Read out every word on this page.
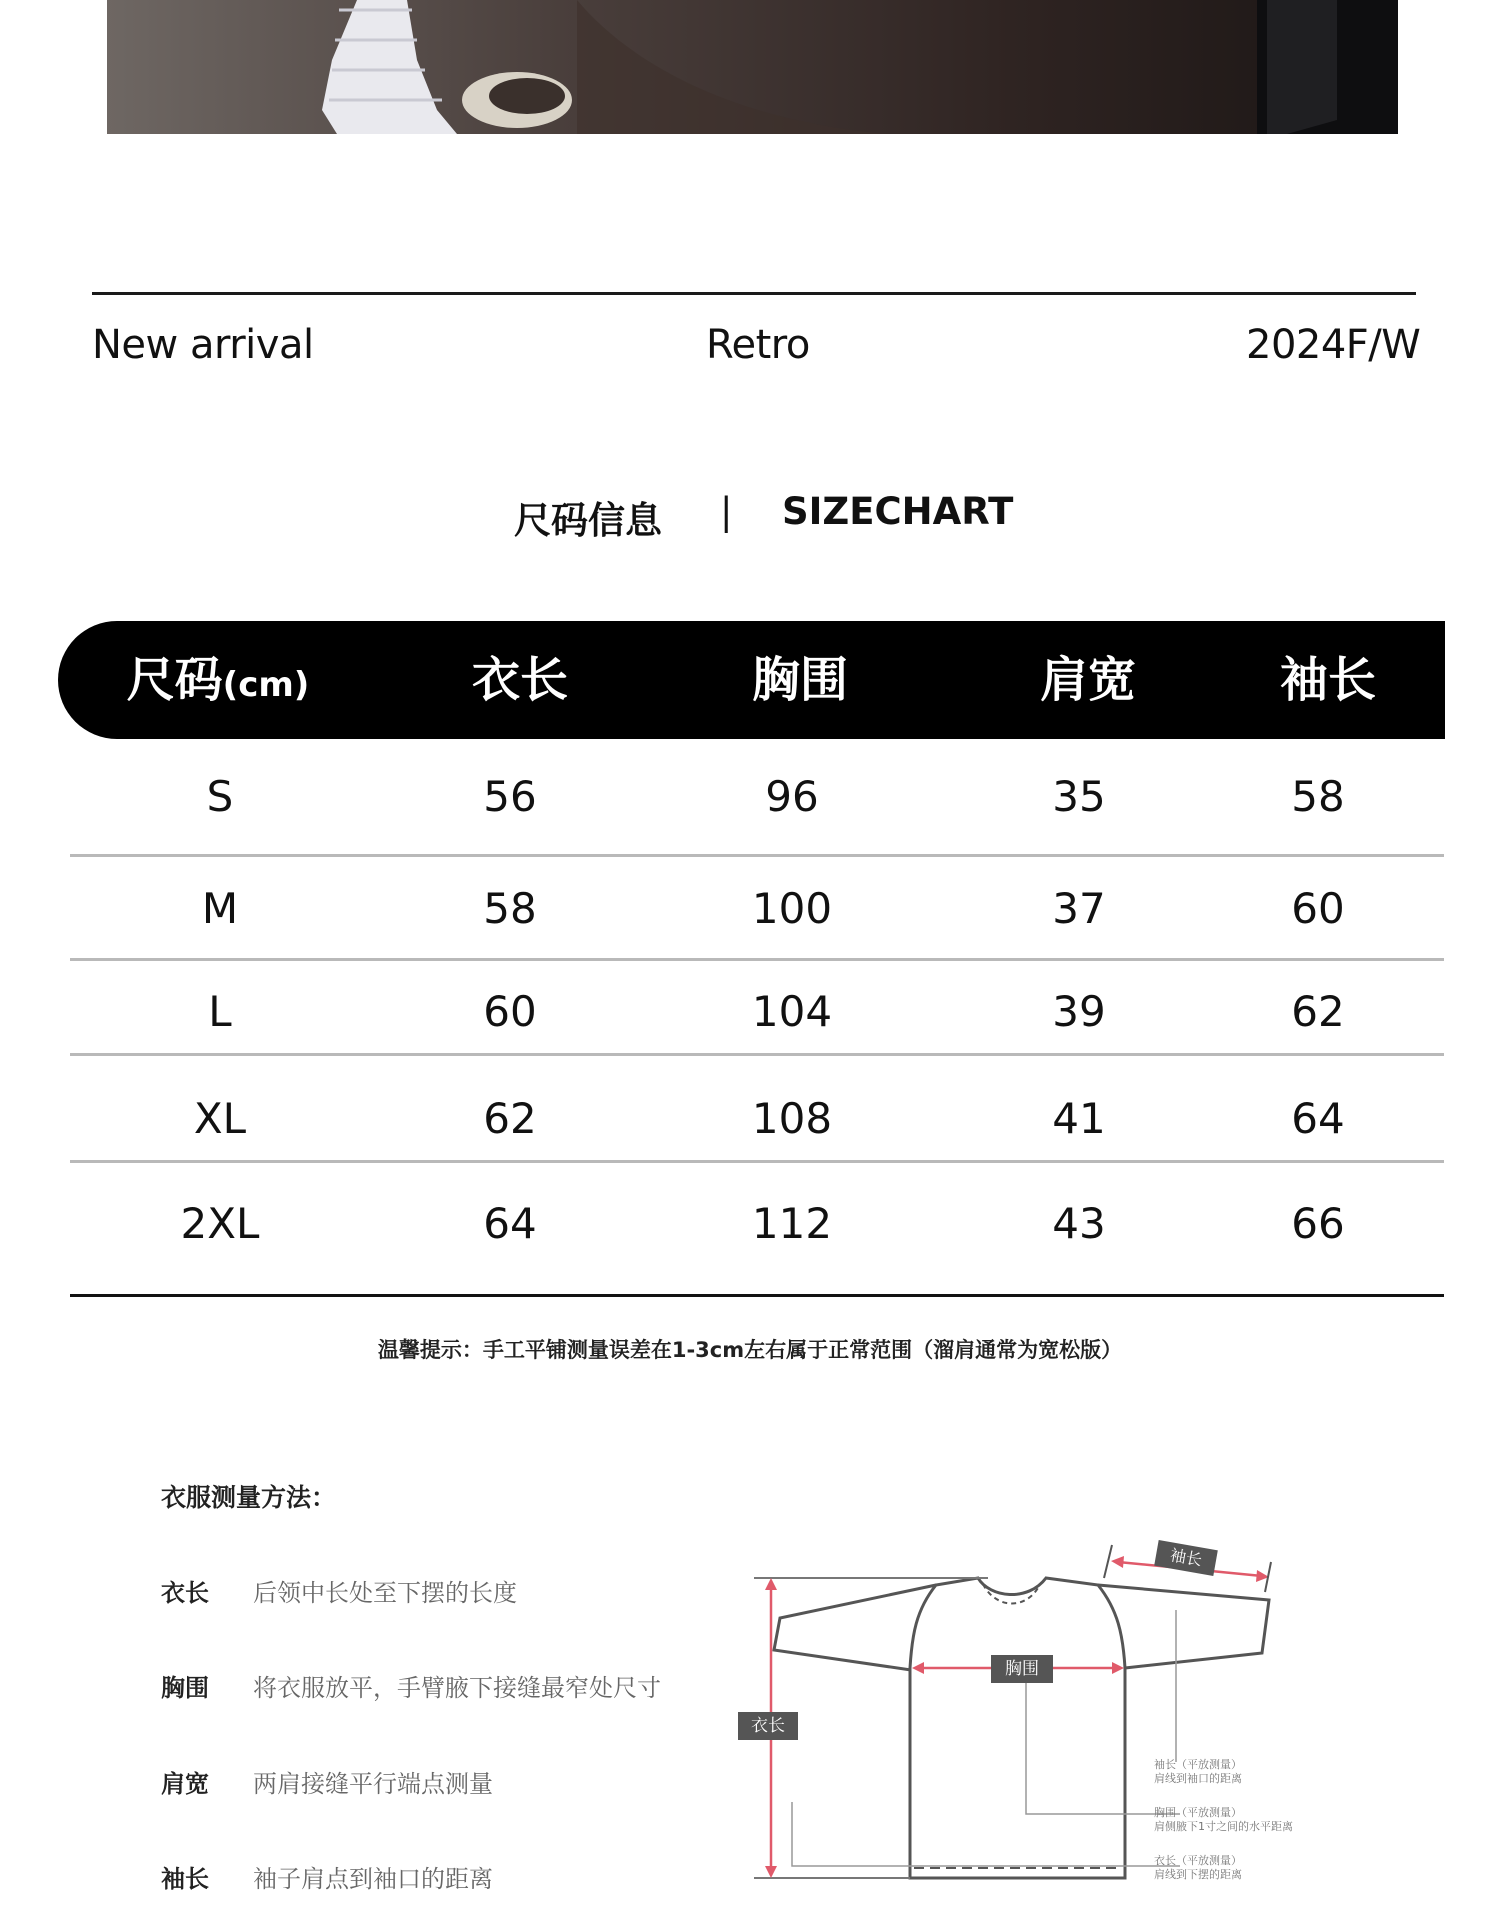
New arrival	Retro	2024F/W
尺码信息 | SIZECHART
尺码(cm)	衣长	胸围	肩宽	袖长
S	56	96	35	58
M	58	100	37	60
L	60	104	39	62
XL	62	108	41	64
2XL	64	112	43	66
温馨提示：手工平铺测量误差在1-3cm左右属于正常范围（溜肩通常为宽松版）
衣服测量方法：
衣长 后领中长处至下摆的长度
胸围 将衣服放平，手臂腋下接缝最窄处尺寸
肩宽 两肩接缝平行端点测量
袖长 袖子肩点到袖口的距离
衣长
胸围
袖长
袖长（平放测量）
肩线到袖口的距离
胸围（平放测量）
肩侧腋下1寸之间的水平距离
衣长（平放测量）
肩线到下摆的距离
